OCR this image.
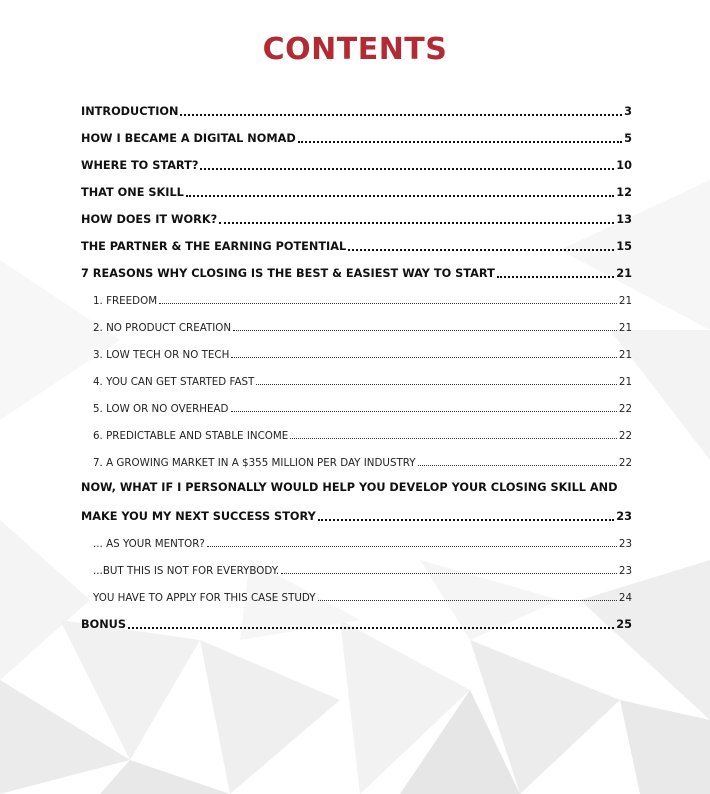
CONTENTS
INTRODUCTION	3
HOW I BECAME A DIGITAL NOMAD	5
WHERE TO START?	10
THAT ONE SKILL	12
HOW DOES IT WORK?	13
THE PARTNER & THE EARNING POTENTIAL	15
7 REASONS WHY CLOSING IS THE BEST & EASIEST WAY TO START	21
1. FREEDOM	21
2. NO PRODUCT CREATION	21
3. LOW TECH OR NO TECH	21
4. YOU CAN GET STARTED FAST	21
5. LOW OR NO OVERHEAD	22
6. PREDICTABLE AND STABLE INCOME	22
7. A GROWING MARKET IN A $355 MILLION PER DAY INDUSTRY	22
NOW, WHAT IF I PERSONALLY WOULD HELP YOU DEVELOP YOUR CLOSING SKILL AND
MAKE YOU MY NEXT SUCCESS STORY	23
... AS YOUR MENTOR?	23
...BUT THIS IS NOT FOR EVERYBODY.	23
YOU HAVE TO APPLY FOR THIS CASE STUDY	24
BONUS	25
